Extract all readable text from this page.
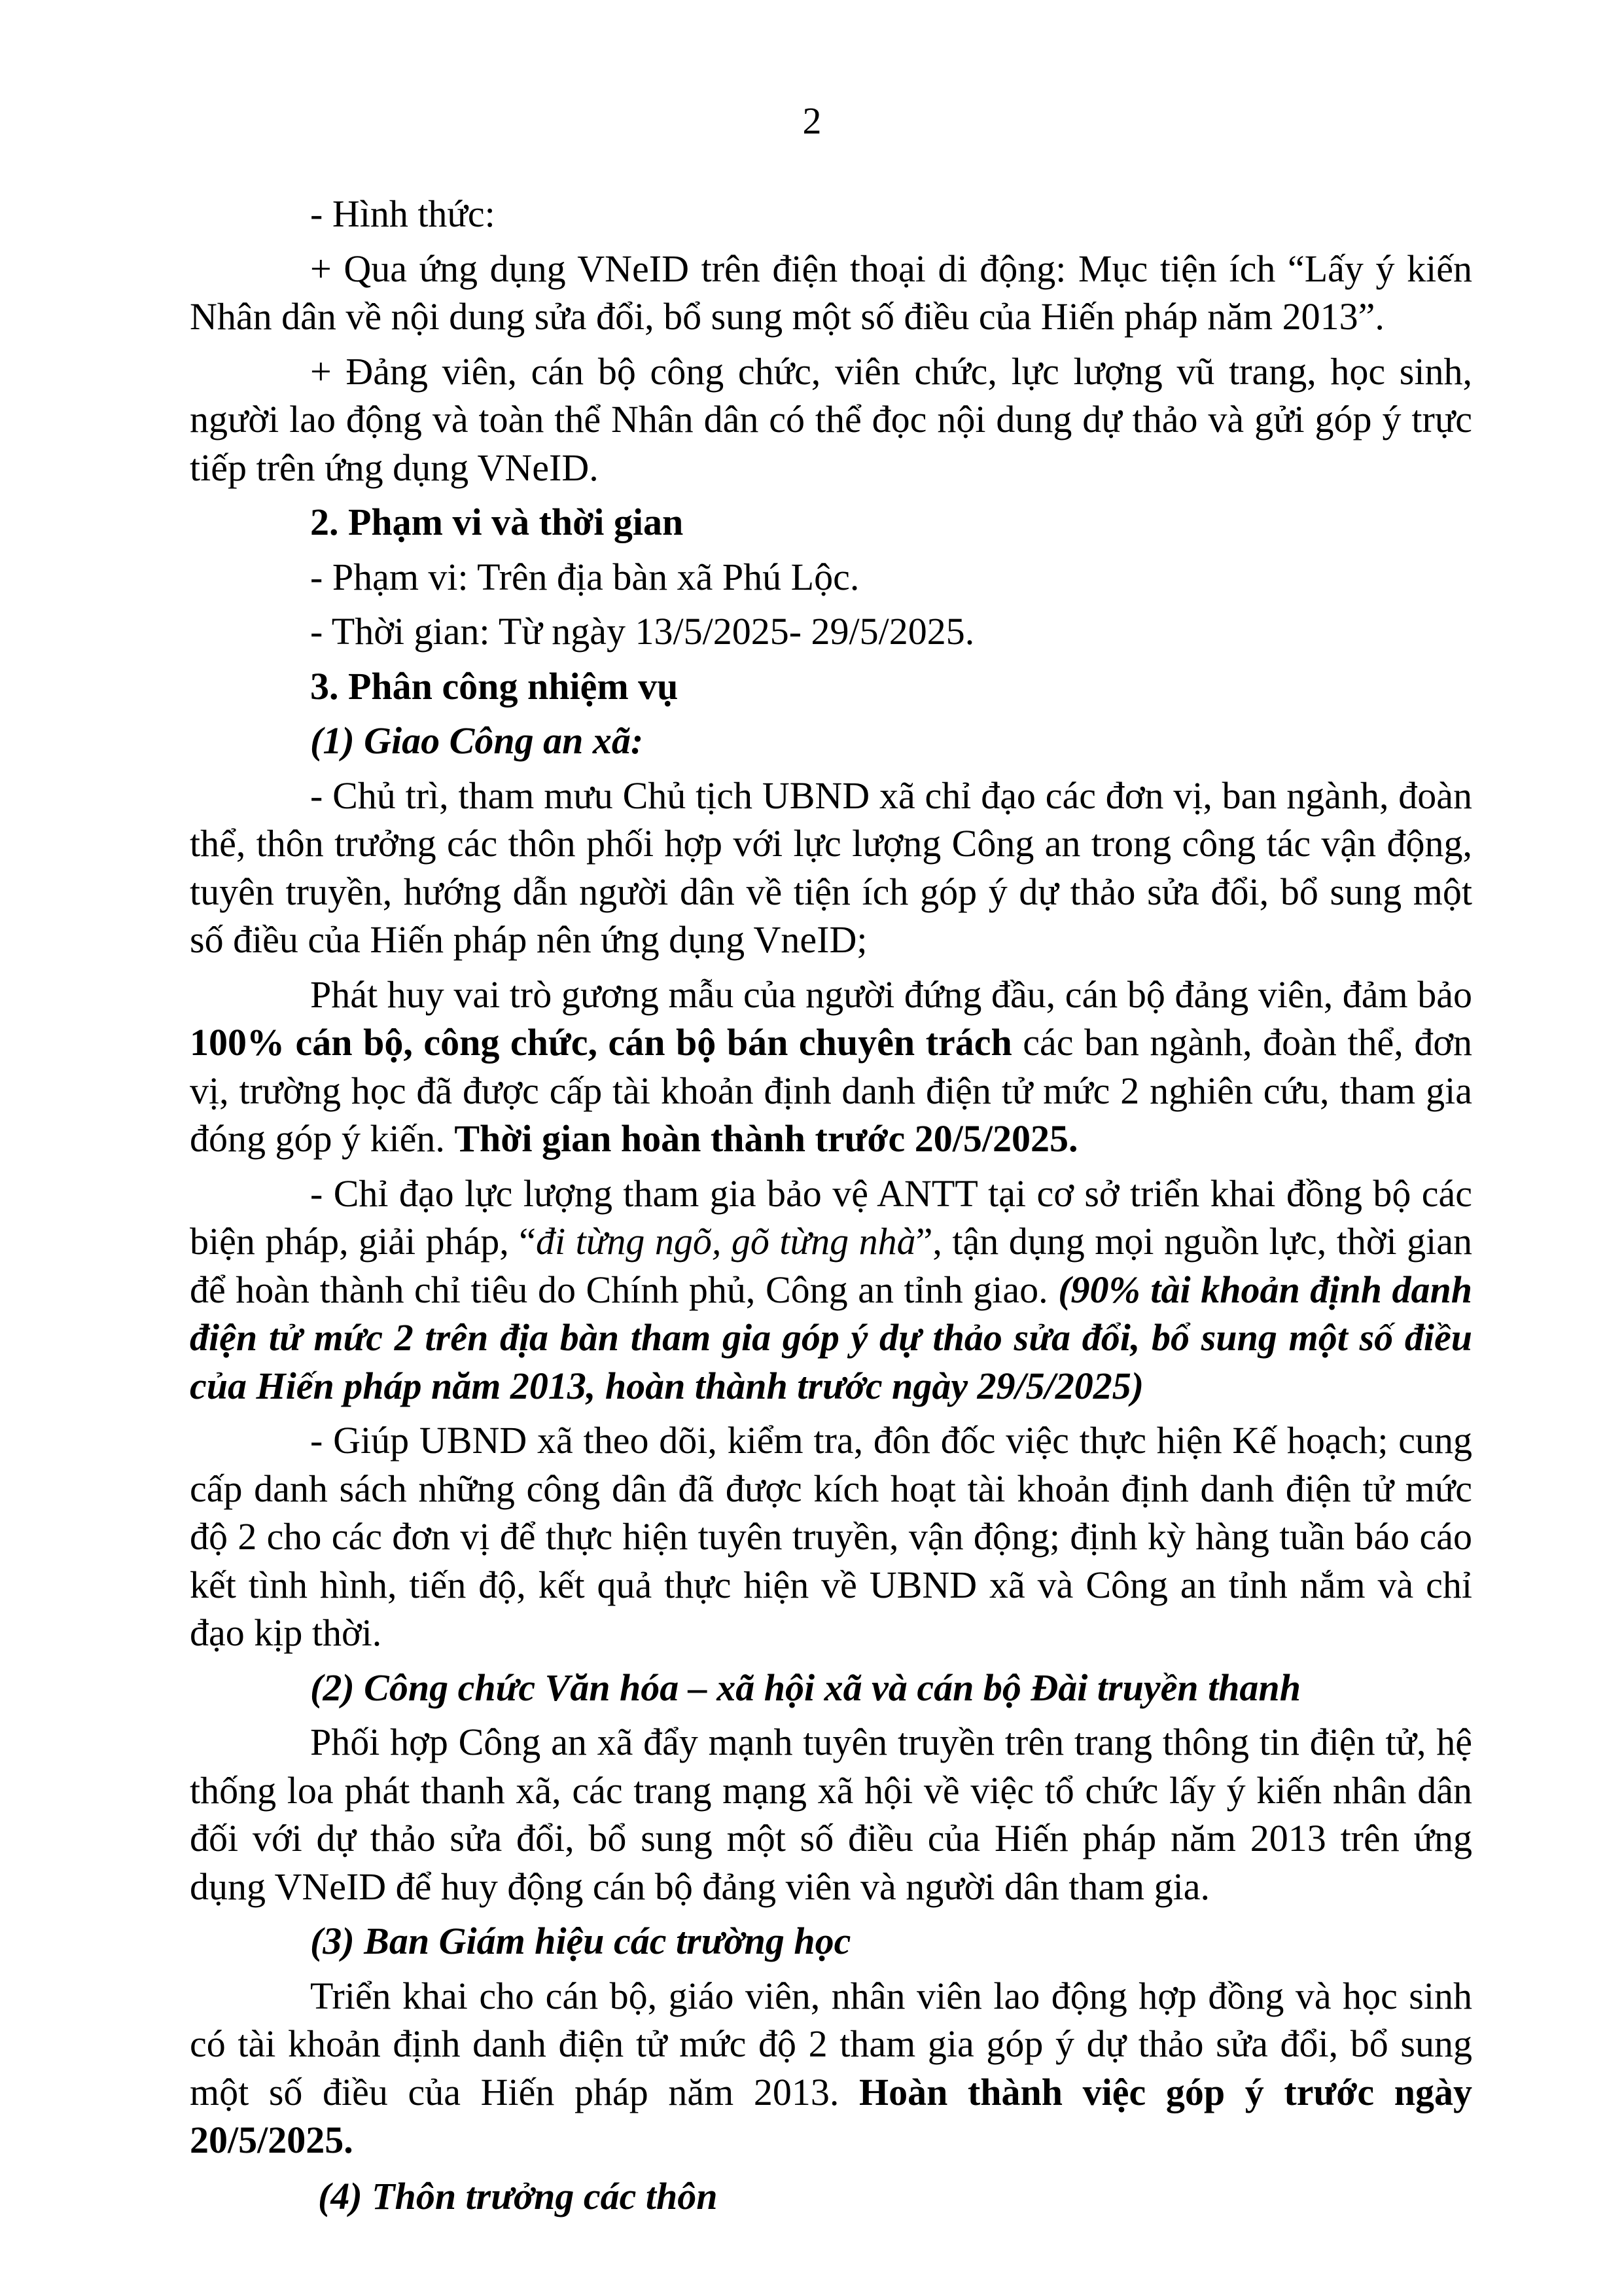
2

- Hình thức:

+ Qua ứng dụng VNeID trên điện thoại di động: Mục tiện ích “Lấy ý kiến Nhân dân về nội dung sửa đổi, bổ sung một số điều của Hiến pháp năm 2013”.

+ Đảng viên, cán bộ công chức, viên chức, lực lượng vũ trang, học sinh, người lao động và toàn thể Nhân dân có thể đọc nội dung dự thảo và gửi góp ý trực tiếp trên ứng dụng VNeID.

2. Phạm vi và thời gian

- Phạm vi: Trên địa bàn xã Phú Lộc.

- Thời gian: Từ ngày 13/5/2025- 29/5/2025.

3. Phân công nhiệm vụ

(1) Giao Công an xã:

- Chủ trì, tham mưu Chủ tịch UBND xã chỉ đạo các đơn vị, ban ngành, đoàn thể, thôn trưởng các thôn phối hợp với lực lượng Công an trong công tác vận động, tuyên truyền, hướng dẫn người dân về tiện ích góp ý dự thảo sửa đổi, bổ sung một số điều của Hiến pháp nên ứng dụng VneID;

Phát huy vai trò gương mẫu của người đứng đầu, cán bộ đảng viên, đảm bảo 100% cán bộ, công chức, cán bộ bán chuyên trách các ban ngành, đoàn thể, đơn vị, trường học đã được cấp tài khoản định danh điện tử mức 2 nghiên cứu, tham gia đóng góp ý kiến. Thời gian hoàn thành trước 20/5/2025.

- Chỉ đạo lực lượng tham gia bảo vệ ANTT tại cơ sở triển khai đồng bộ các biện pháp, giải pháp, “đi từng ngõ, gõ từng nhà”, tận dụng mọi nguồn lực, thời gian để hoàn thành chỉ tiêu do Chính phủ, Công an tỉnh giao. (90% tài khoản định danh điện tử mức 2 trên địa bàn tham gia góp ý dự thảo sửa đổi, bổ sung một số điều của Hiến pháp năm 2013, hoàn thành trước ngày 29/5/2025)

- Giúp UBND xã theo dõi, kiểm tra, đôn đốc việc thực hiện Kế hoạch; cung cấp danh sách những công dân đã được kích hoạt tài khoản định danh điện tử mức độ 2 cho các đơn vị để thực hiện tuyên truyền, vận động; định kỳ hàng tuần báo cáo kết tình hình, tiến độ, kết quả thực hiện về UBND xã và Công an tỉnh nắm và chỉ đạo kịp thời.

(2) Công chức Văn hóa – xã hội xã và cán bộ Đài truyền thanh

Phối hợp Công an xã đẩy mạnh tuyên truyền trên trang thông tin điện tử, hệ thống loa phát thanh xã, các trang mạng xã hội về việc tổ chức lấy ý kiến nhân dân đối với dự thảo sửa đổi, bổ sung một số điều của Hiến pháp năm 2013 trên ứng dụng VNeID để huy động cán bộ đảng viên và người dân tham gia.

(3) Ban Giám hiệu các trường học

Triển khai cho cán bộ, giáo viên, nhân viên lao động hợp đồng và học sinh có tài khoản định danh điện tử mức độ 2 tham gia góp ý dự thảo sửa đổi, bổ sung một số điều của Hiến pháp năm 2013. Hoàn thành việc góp ý trước ngày 20/5/2025.

(4) Thôn trưởng các thôn
